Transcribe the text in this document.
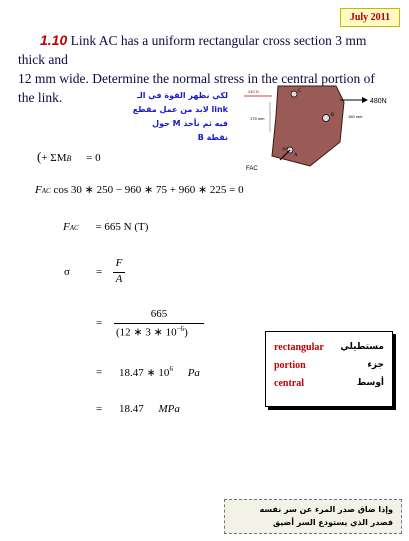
July 2011
1.10 Link AC has a uniform rectangular cross section 3 mm thick and
12 mm wide. Determine the normal stress in the central portion of the link.	لكي نظهر القوة في الـ link لابد من عمل مقطع
فيه ثم نأخذ M حول نقطة B
480N
240 N
175 mm	150 mm
C
B
A
30°
FAC
(+ ΣMB = 0
FAC cos 30 ∗ 250 − 960 ∗ 75 + 960 ∗ 225 = 0
FAC = 665 N (T)
σ =
F
A
=
665
(12 ∗ 3 ∗ $10^{-6}$)
= 18.47 ∗ $10^6$ Pa
= 18.47 MPa
rectangular مستطيلي
portion	جزء
central	أوسط
وإذا ضاق صدر المرء عن سر نفسه
فصدر الذي يستودع السر أضيق
